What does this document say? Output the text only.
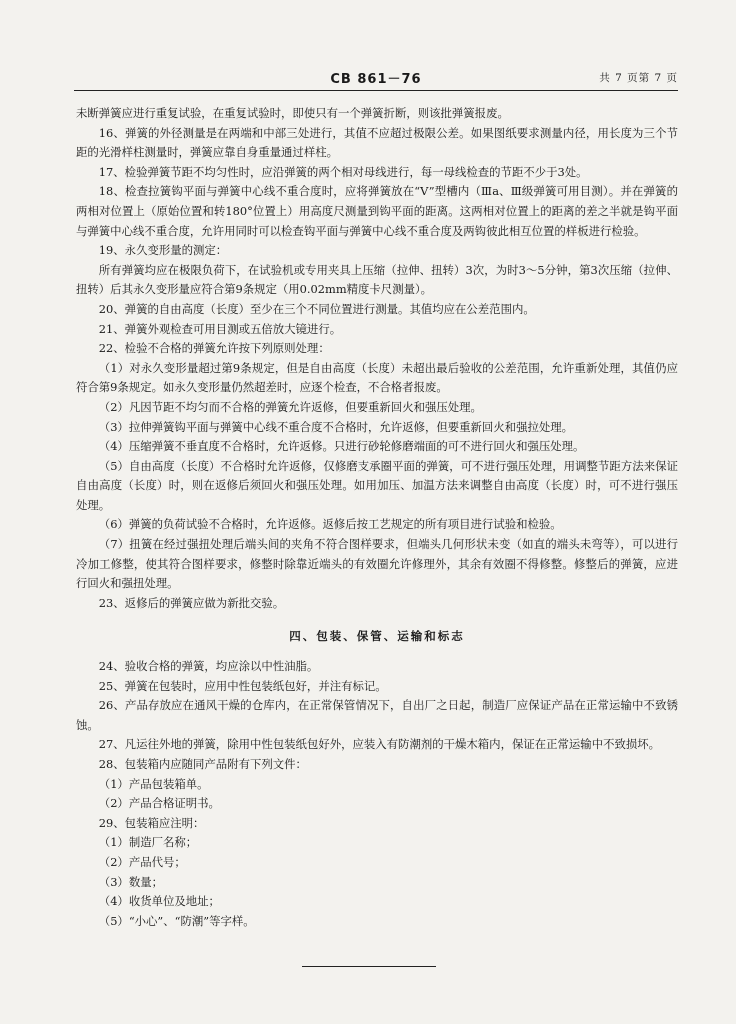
CB 861－76	共 7 页第 7 页

未断弹簧应进行重复试验，在重复试验时，即使只有一个弹簧折断，则该批弹簧报废。

16、弹簧的外径测量是在两端和中部三处进行，其值不应超过极限公差。如果图纸要求测量内径，用长度为三个节距的光滑样柱测量时，弹簧应靠自身重量通过样柱。

17、检验弹簧节距不均匀性时，应沿弹簧的两个相对母线进行，每一母线检查的节距不少于3处。

18、检查拉簧钩平面与弹簧中心线不重合度时，应将弹簧放在“V”型槽内（Ⅲa、Ⅲ级弹簧可用目测）。并在弹簧的两相对位置上（原始位置和转180°位置上）用高度尺测量到钩平面的距离。这两相对位置上的距离的差之半就是钩平面与弹簧中心线不重合度，允许用同时可以检查钩平面与弹簧中心线不重合度及两钩彼此相互位置的样板进行检验。

19、永久变形量的测定：

所有弹簧均应在极限负荷下，在试验机或专用夹具上压缩（拉伸、扭转）3次，为时3～5分钟，第3次压缩（拉伸、扭转）后其永久变形量应符合第9条规定（用0.02mm精度卡尺测量）。

20、弹簧的自由高度（长度）至少在三个不同位置进行测量。其值均应在公差范围内。

21、弹簧外观检查可用目测或五倍放大镜进行。

22、检验不合格的弹簧允许按下列原则处理：

（1）对永久变形量超过第9条规定，但是自由高度（长度）未超出最后验收的公差范围，允许重新处理，其值仍应符合第9条规定。如永久变形量仍然超差时，应逐个检查，不合格者报废。

（2）凡因节距不均匀而不合格的弹簧允许返修，但要重新回火和强压处理。

（3）拉伸弹簧钩平面与弹簧中心线不重合度不合格时，允许返修，但要重新回火和强拉处理。

（4）压缩弹簧不垂直度不合格时，允许返修。只进行砂轮修磨端面的可不进行回火和强压处理。

（5）自由高度（长度）不合格时允许返修，仅修磨支承圈平面的弹簧，可不进行强压处理，用调整节距方法来保证自由高度（长度）时，则在返修后须回火和强压处理。如用加压、加温方法来调整自由高度（长度）时，可不进行强压处理。

（6）弹簧的负荷试验不合格时，允许返修。返修后按工艺规定的所有项目进行试验和检验。

（7）扭簧在经过强扭处理后端头间的夹角不符合图样要求，但端头几何形状未变（如直的端头未弯等），可以进行冷加工修整，使其符合图样要求，修整时除靠近端头的有效圈允许修理外，其余有效圈不得修整。修整后的弹簧，应进行回火和强扭处理。

23、返修后的弹簧应做为新批交验。

四、包装、保管、运输和标志

24、验收合格的弹簧，均应涂以中性油脂。

25、弹簧在包装时，应用中性包装纸包好，并注有标记。

26、产品存放应在通风干燥的仓库内，在正常保管情况下，自出厂之日起，制造厂应保证产品在正常运输中不致锈蚀。

27、凡运往外地的弹簧，除用中性包装纸包好外，应装入有防潮剂的干燥木箱内，保证在正常运输中不致损坏。

28、包装箱内应随同产品附有下列文件：

（1）产品包装箱单。

（2）产品合格证明书。

29、包装箱应注明：

（1）制造厂名称；

（2）产品代号；

（3）数量；

（4）收货单位及地址；

（5）“小心”、“防潮”等字样。
